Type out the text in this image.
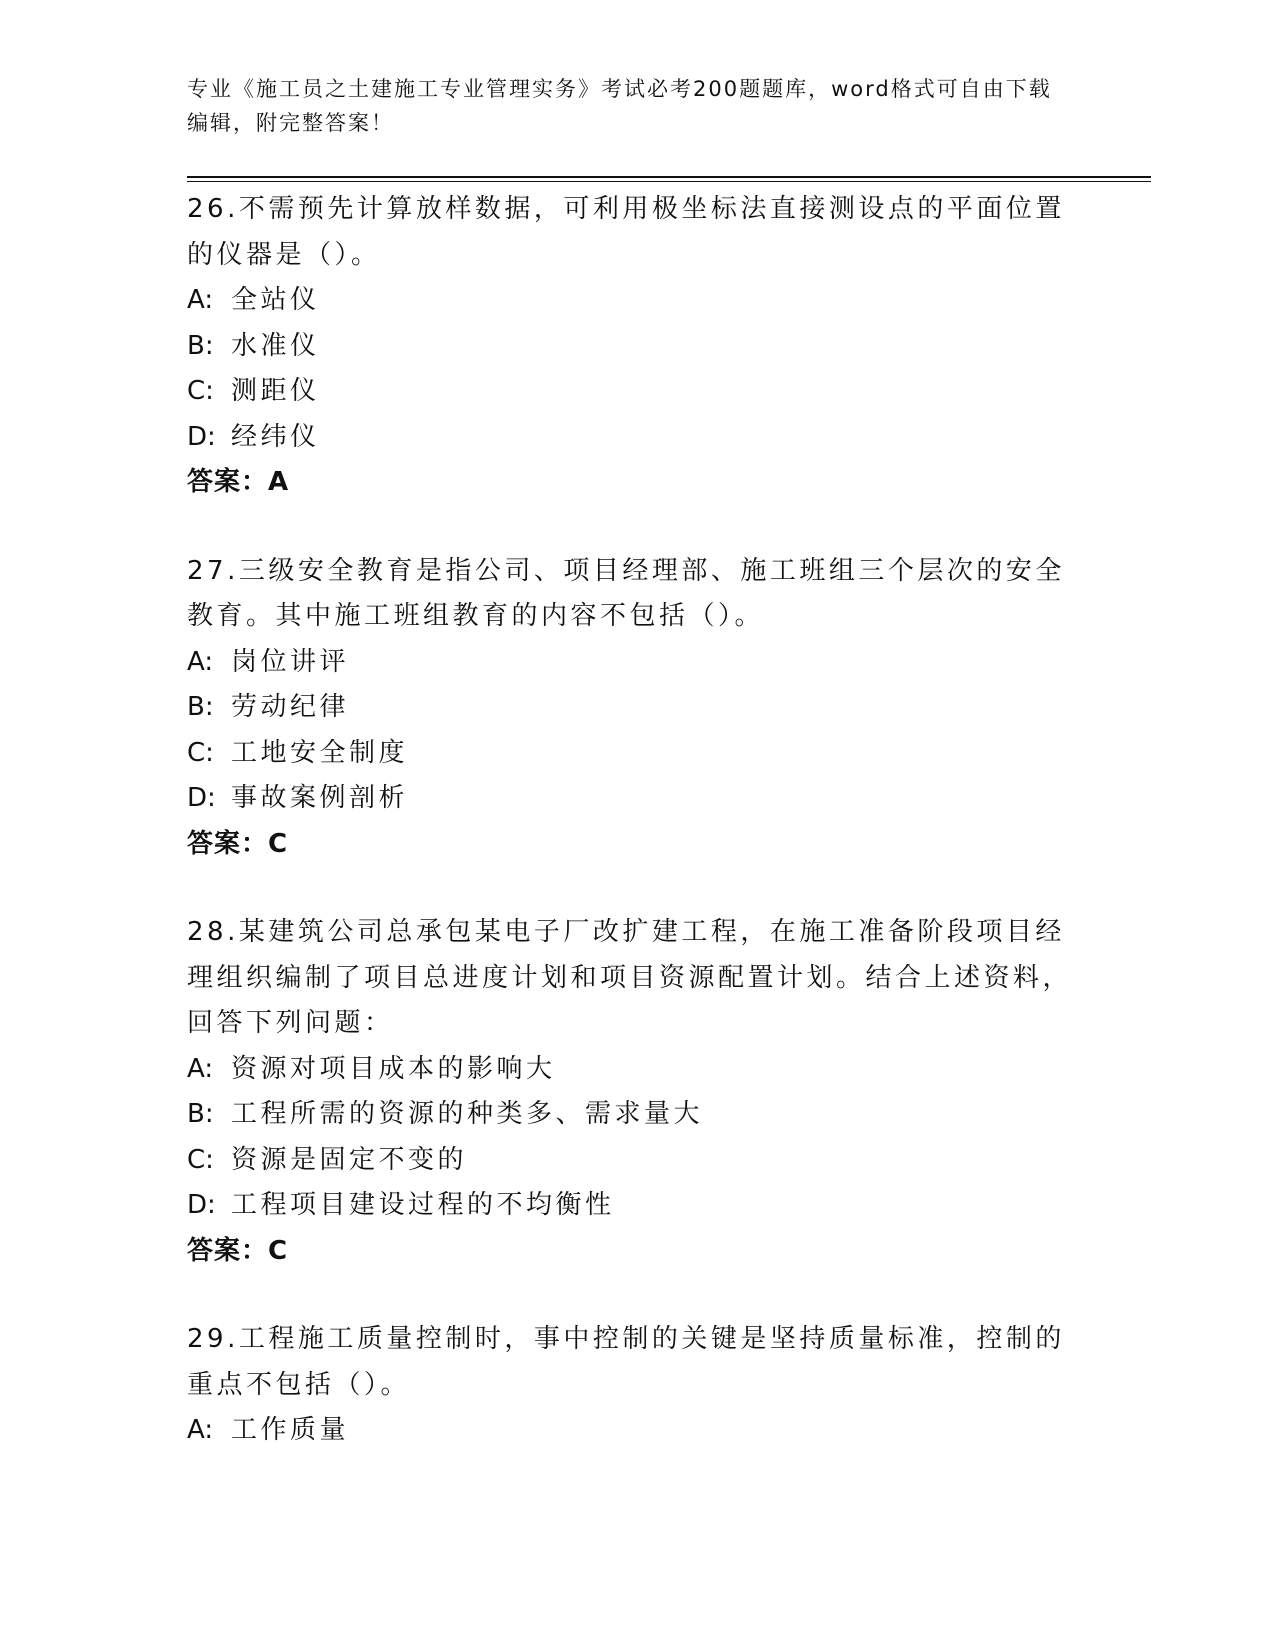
专业《施工员之土建施工专业管理实务》考试必考200题题库，word格式可自由下载编辑，附完整答案！

26.不需预先计算放样数据，可利用极坐标法直接测设点的平面位置的仪器是（）。

A: 全站仪
B: 水准仪
C: 测距仪
D: 经纬仪
答案：A

27.三级安全教育是指公司、项目经理部、施工班组三个层次的安全教育。其中施工班组教育的内容不包括（）。

A: 岗位讲评
B: 劳动纪律
C: 工地安全制度
D: 事故案例剖析
答案：C

28.某建筑公司总承包某电子厂改扩建工程，在施工准备阶段项目经理组织编制了项目总进度计划和项目资源配置计划。结合上述资料，回答下列问题：

A: 资源对项目成本的影响大
B: 工程所需的资源的种类多、需求量大
C: 资源是固定不变的
D: 工程项目建设过程的不均衡性
答案：C

29.工程施工质量控制时，事中控制的关键是坚持质量标准，控制的重点不包括（）。

A: 工作质量
